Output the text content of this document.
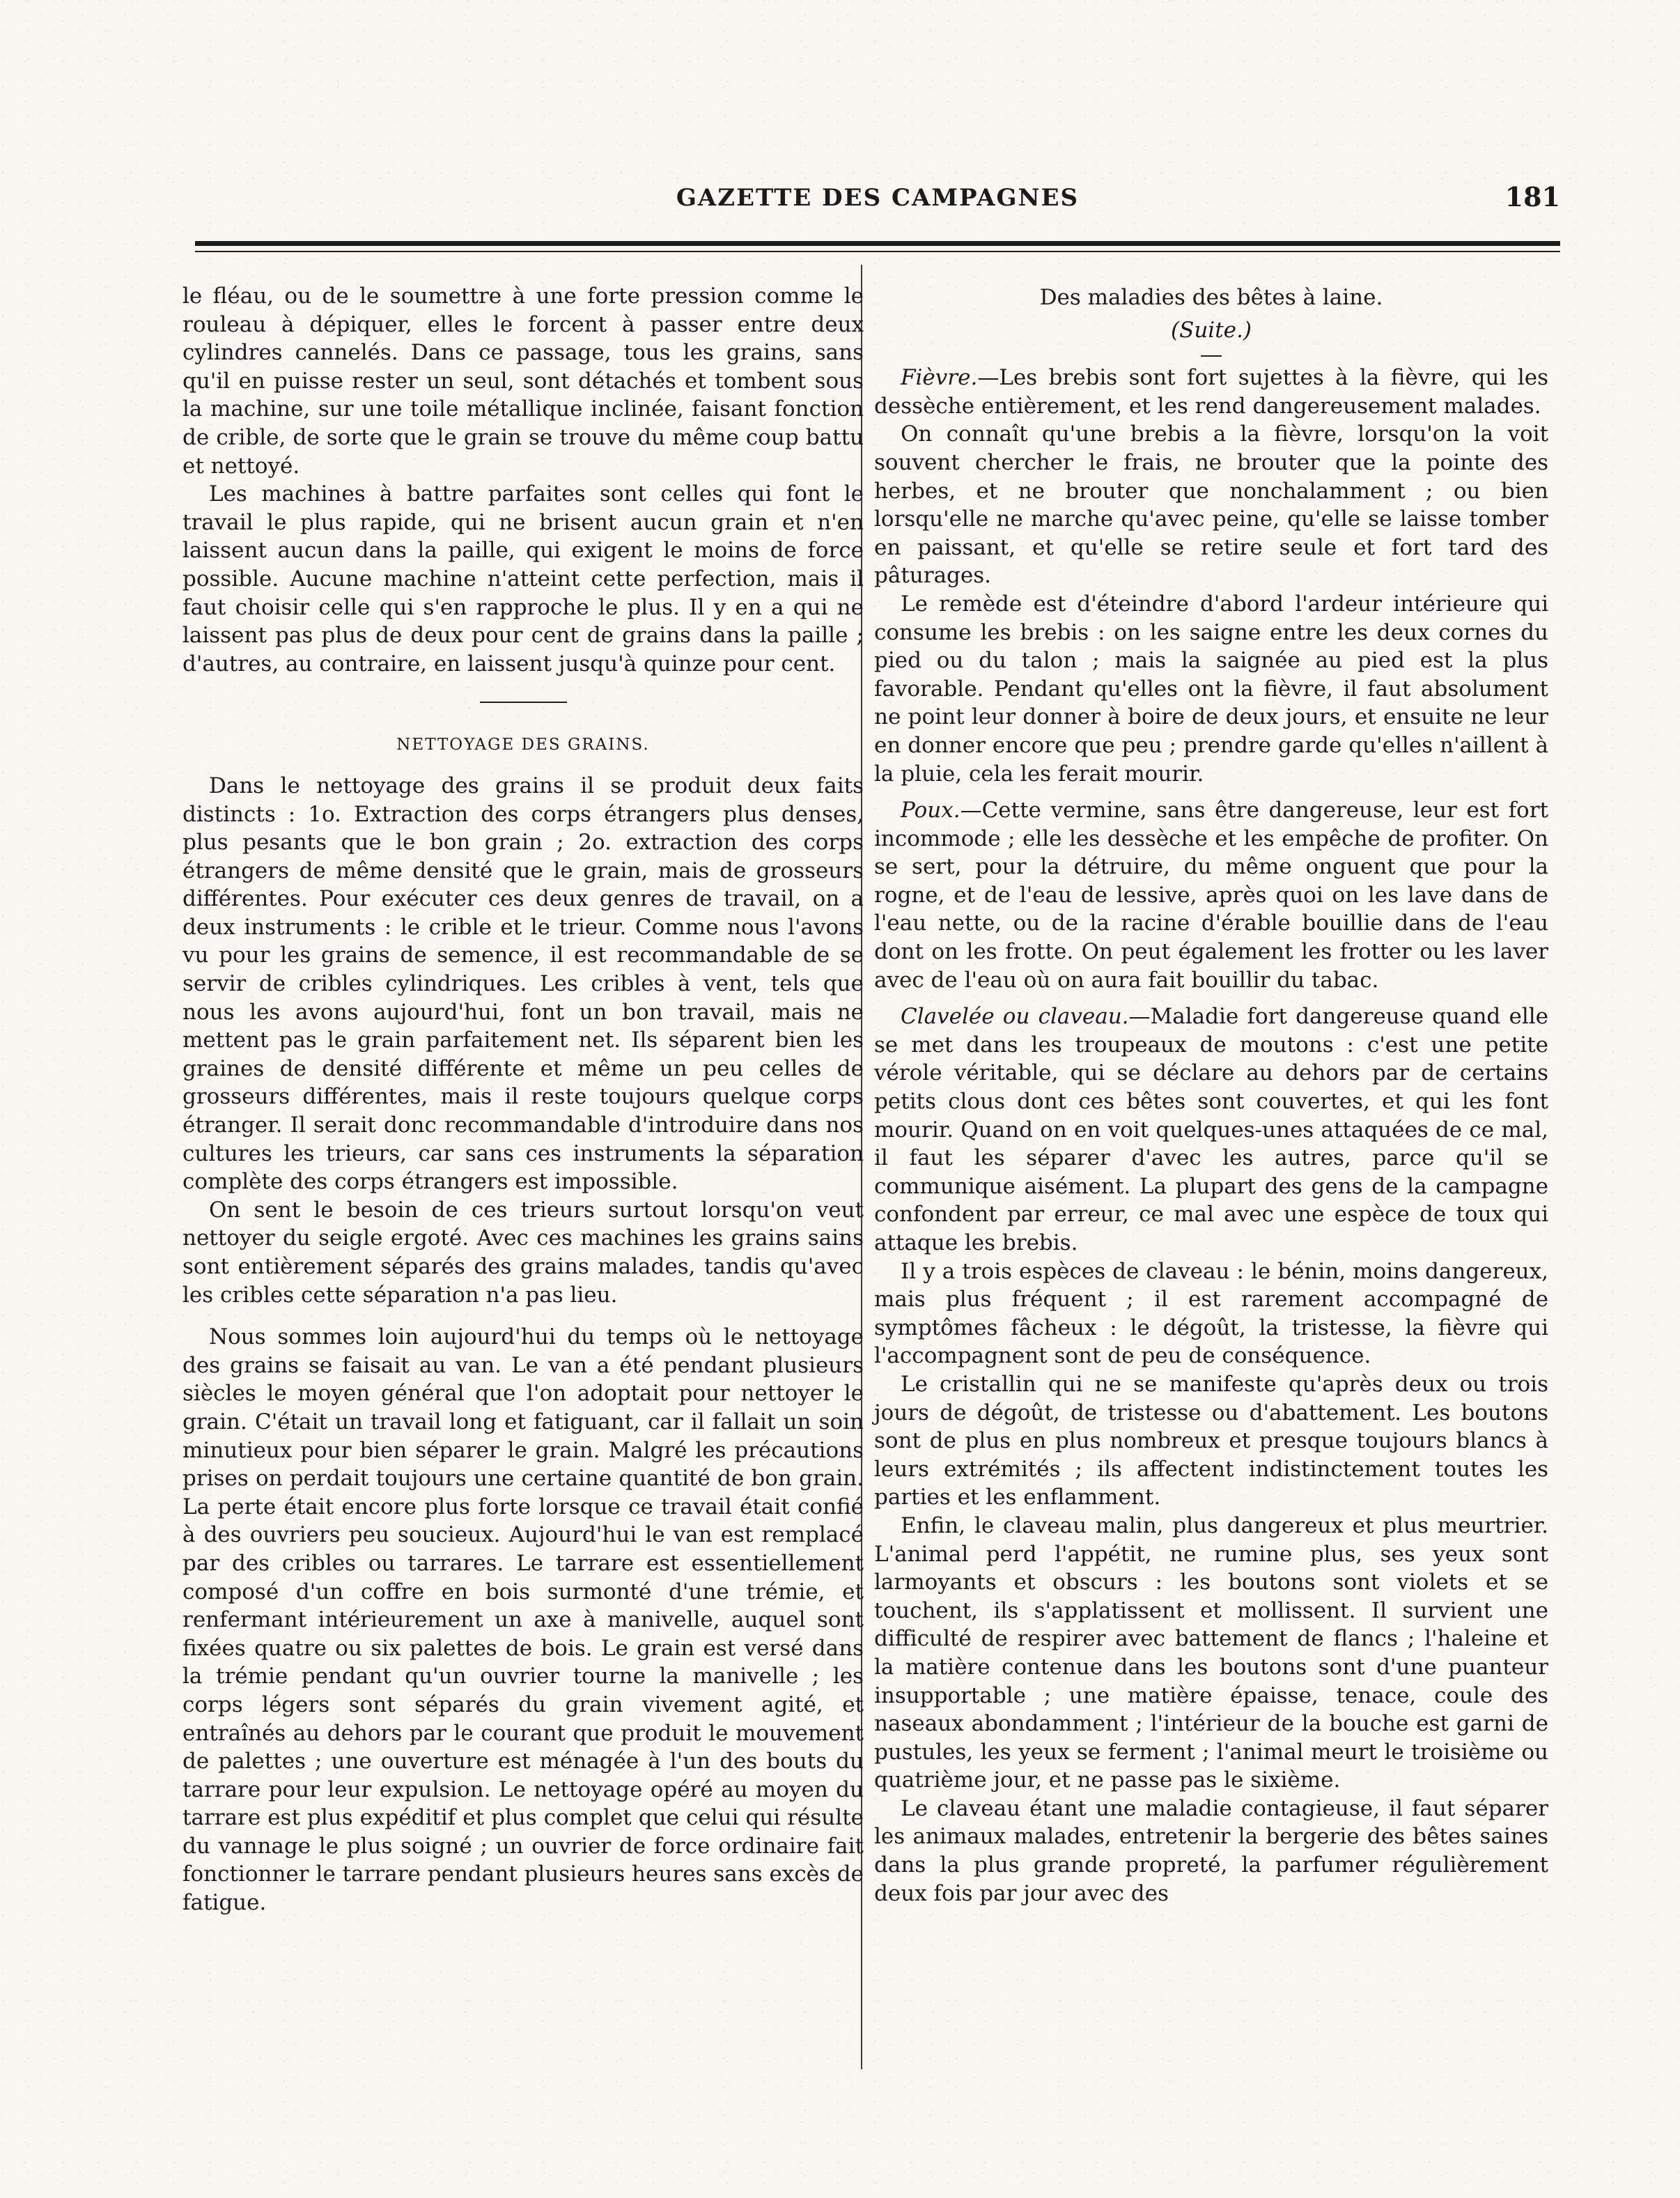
GAZETTE DES CAMPAGNES	181

le fléau, ou de le soumettre à une forte pression comme le rouleau à dépiquer, elles le forcent à passer entre deux cylindres cannelés. Dans ce passage, tous les grains, sans qu'il en puisse rester un seul, sont détachés et tombent sous la machine, sur une toile métallique inclinée, faisant fonction de crible, de sorte que le grain se trouve du même coup battu et nettoyé.

Les machines à battre parfaites sont celles qui font le travail le plus rapide, qui ne brisent aucun grain et n'en laissent aucun dans la paille, qui exigent le moins de force possible. Aucune machine n'atteint cette perfection, mais il faut choisir celle qui s'en rapproche le plus. Il y en a qui ne laissent pas plus de deux pour cent de grains dans la paille ; d'autres, au contraire, en laissent jusqu'à quinze pour cent.

NETTOYAGE DES GRAINS.

Dans le nettoyage des grains il se produit deux faits distincts : 1o. Extraction des corps étrangers plus denses, plus pesants que le bon grain ; 2o. extraction des corps étrangers de même densité que le grain, mais de grosseurs différentes. Pour exécuter ces deux genres de travail, on a deux instruments : le crible et le trieur. Comme nous l'avons vu pour les grains de semence, il est recommandable de se servir de cribles cylindriques. Les cribles à vent, tels que nous les avons aujourd'hui, font un bon travail, mais ne mettent pas le grain parfaitement net. Ils séparent bien les graines de densité différente et même un peu celles de grosseurs différentes, mais il reste toujours quelque corps étranger. Il serait donc recommandable d'introduire dans nos cultures les trieurs, car sans ces instruments la séparation complète des corps étrangers est impossible.

On sent le besoin de ces trieurs surtout lorsqu'on veut nettoyer du seigle ergoté. Avec ces machines les grains sains sont entièrement séparés des grains malades, tandis qu'avec les cribles cette séparation n'a pas lieu.

Nous sommes loin aujourd'hui du temps où le nettoyage des grains se faisait au van. Le van a été pendant plusieurs siècles le moyen général que l'on adoptait pour nettoyer le grain. C'était un travail long et fatiguant, car il fallait un soin minutieux pour bien séparer le grain. Malgré les précautions prises on perdait toujours une certaine quantité de bon grain. La perte était encore plus forte lorsque ce travail était confié à des ouvriers peu soucieux. Aujourd'hui le van est remplacé par des cribles ou tarrares. Le tarrare est essentiellement composé d'un coffre en bois surmonté d'une trémie, et renfermant intérieurement un axe à manivelle, auquel sont fixées quatre ou six palettes de bois. Le grain est versé dans la trémie pendant qu'un ouvrier tourne la manivelle ; les corps légers sont séparés du grain vivement agité, et entraînés au dehors par le courant que produit le mouvement de palettes ; une ouverture est ménagée à l'un des bouts du tarrare pour leur expulsion. Le nettoyage opéré au moyen du tarrare est plus expéditif et plus complet que celui qui résulte du vannage le plus soigné ; un ouvrier de force ordinaire fait fonctionner le tarrare pendant plusieurs heures sans excès de fatigue.

Des maladies des bêtes à laine.
(Suite.)

Fièvre.—Les brebis sont fort sujettes à la fièvre, qui les dessèche entièrement, et les rend dangereusement malades.

On connaît qu'une brebis a la fièvre, lorsqu'on la voit souvent chercher le frais, ne brouter que la pointe des herbes, et ne brouter que nonchalamment ; ou bien lorsqu'elle ne marche qu'avec peine, qu'elle se laisse tomber en paissant, et qu'elle se retire seule et fort tard des pâturages.

Le remède est d'éteindre d'abord l'ardeur intérieure qui consume les brebis : on les saigne entre les deux cornes du pied ou du talon ; mais la saignée au pied est la plus favorable. Pendant qu'elles ont la fièvre, il faut absolument ne point leur donner à boire de deux jours, et ensuite ne leur en donner encore que peu ; prendre garde qu'elles n'aillent à la pluie, cela les ferait mourir.

Poux.—Cette vermine, sans être dangereuse, leur est fort incommode ; elle les dessèche et les empêche de profiter. On se sert, pour la détruire, du même onguent que pour la rogne, et de l'eau de lessive, après quoi on les lave dans de l'eau nette, ou de la racine d'érable bouillie dans de l'eau dont on les frotte. On peut également les frotter ou les laver avec de l'eau où on aura fait bouillir du tabac.

Clavelée ou claveau.—Maladie fort dangereuse quand elle se met dans les troupeaux de moutons : c'est une petite vérole véritable, qui se déclare au dehors par de certains petits clous dont ces bêtes sont couvertes, et qui les font mourir. Quand on en voit quelques-unes attaquées de ce mal, il faut les séparer d'avec les autres, parce qu'il se communique aisément. La plupart des gens de la campagne confondent par erreur, ce mal avec une espèce de toux qui attaque les brebis.

Il y a trois espèces de claveau : le bénin, moins dangereux, mais plus fréquent ; il est rarement accompagné de symptômes fâcheux : le dégoût, la tristesse, la fièvre qui l'accompagnent sont de peu de conséquence.

Le cristallin qui ne se manifeste qu'après deux ou trois jours de dégoût, de tristesse ou d'abattement. Les boutons sont de plus en plus nombreux et presque toujours blancs à leurs extrémités ; ils affectent indistinctement toutes les parties et les enflamment.

Enfin, le claveau malin, plus dangereux et plus meurtrier. L'animal perd l'appétit, ne rumine plus, ses yeux sont larmoyants et obscurs : les boutons sont violets et se touchent, ils s'applatissent et mollissent. Il survient une difficulté de respirer avec battement de flancs ; l'haleine et la matière contenue dans les boutons sont d'une puanteur insupportable ; une matière épaisse, tenace, coule des naseaux abondamment ; l'intérieur de la bouche est garni de pustules, les yeux se ferment ; l'animal meurt le troisième ou quatrième jour, et ne passe pas le sixième.

Le claveau étant une maladie contagieuse, il faut séparer les animaux malades, entretenir la bergerie des bêtes saines dans la plus grande propreté, la parfumer régulièrement deux fois par jour avec des
